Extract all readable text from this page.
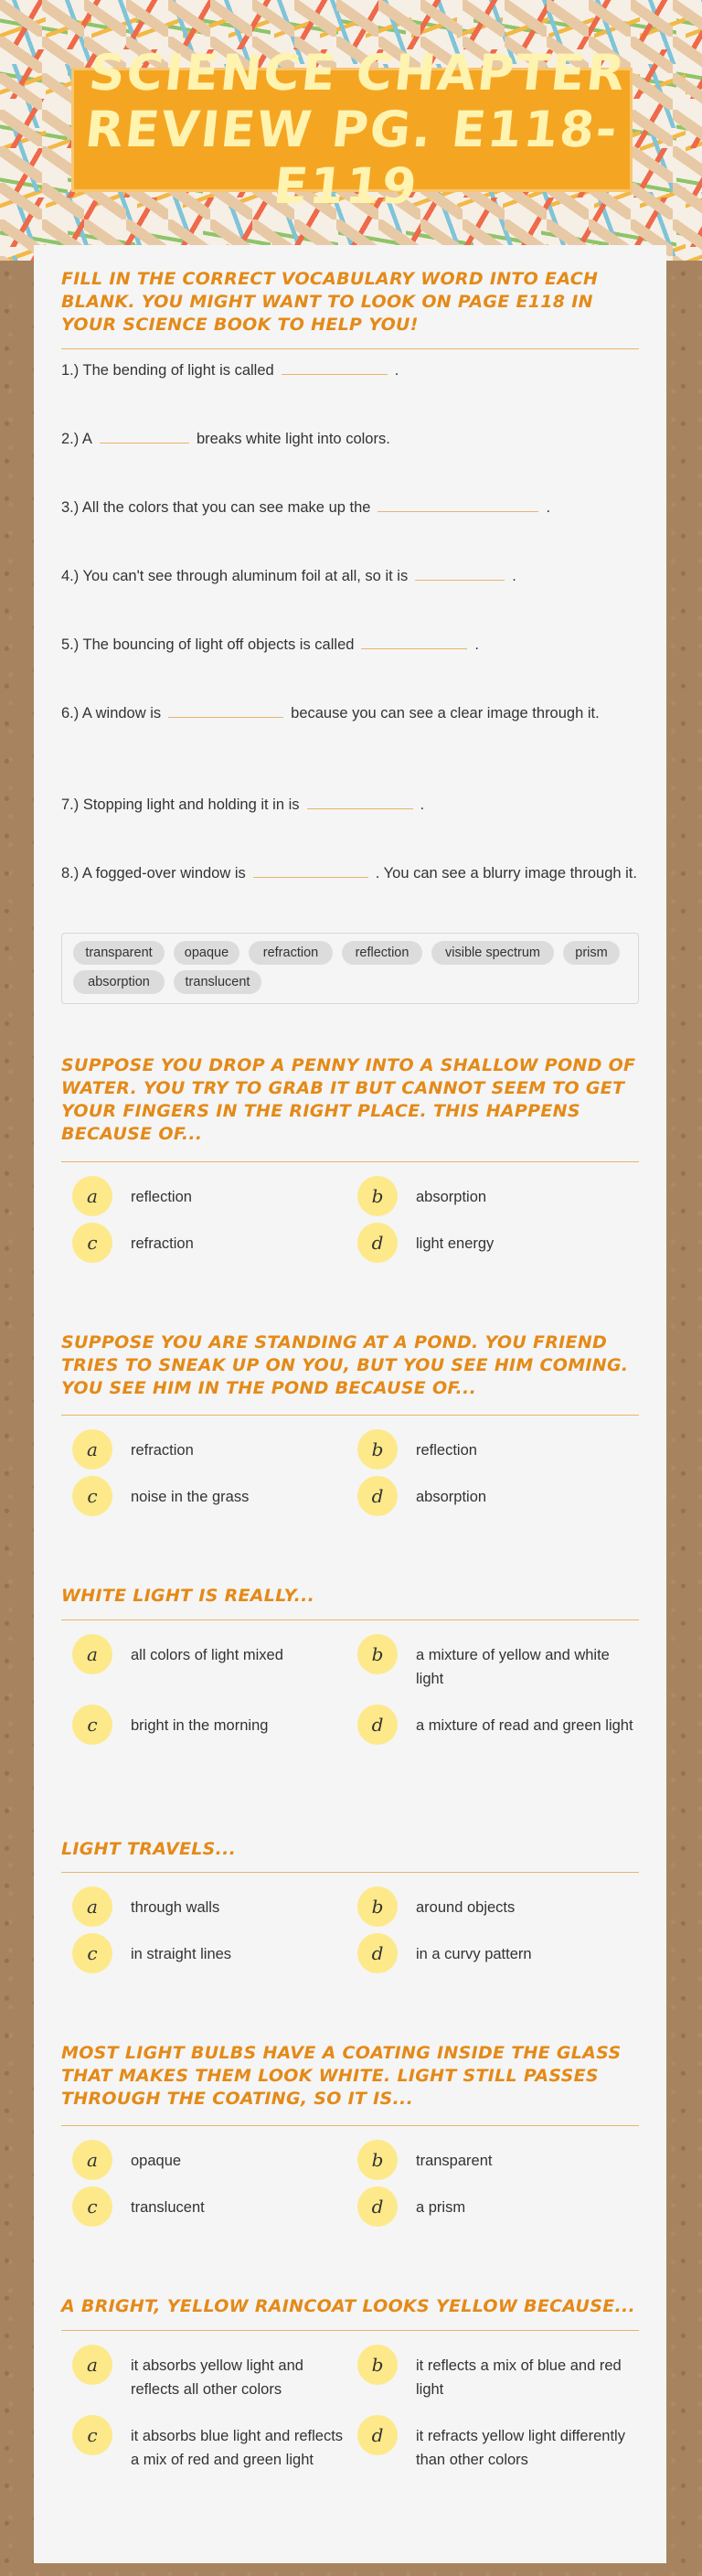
SCIENCE CHAPTER REVIEW PG. E118-E119
FILL IN THE CORRECT VOCABULARY WORD INTO EACH BLANK. YOU MIGHT WANT TO LOOK ON PAGE E118 IN YOUR SCIENCE BOOK TO HELP YOU!
1.) The bending of light is called	.
2.) A	breaks white light into colors.
3.) All the colors that you can see make up the	.
4.) You can't see through aluminum foil at all, so it is	.
5.) The bouncing of light off objects is called	.
6.) A window is	because you can see a clear image through it.
7.) Stopping light and holding it in is	.
8.) A fogged-over window is	. You can see a blurry image through it.
transparent	opaque	refraction	reflection	visible spectrum	prism
absorption	translucent
SUPPOSE YOU DROP A PENNY INTO A SHALLOW POND OF WATER. YOU TRY TO GRAB IT BUT CANNOT SEEM TO GET YOUR FINGERS IN THE RIGHT PLACE. THIS HAPPENS BECAUSE OF...
a	reflection	b	absorption
c	refraction	d	light energy
SUPPOSE YOU ARE STANDING AT A POND. YOU FRIEND TRIES TO SNEAK UP ON YOU, BUT YOU SEE HIM COMING. YOU SEE HIM IN THE POND BECAUSE OF...
a	refraction	b	reflection
c	noise in the grass	d	absorption
WHITE LIGHT IS REALLY...
a	all colors of light mixed	b	a mixture of yellow and white light
c	bright in the morning	d	a mixture of read and green light
LIGHT TRAVELS...
a	through walls	b	around objects
c	in straight lines	d	in a curvy pattern
MOST LIGHT BULBS HAVE A COATING INSIDE THE GLASS THAT MAKES THEM LOOK WHITE. LIGHT STILL PASSES THROUGH THE COATING, SO IT IS...
a	opaque	b	transparent
c	translucent	d	a prism
A BRIGHT, YELLOW RAINCOAT LOOKS YELLOW BECAUSE...
a	it absorbs yellow light and reflects all other colors
b	it reflects a mix of blue and red light
c	it absorbs blue light and reflects a mix of red and green light
d	it refracts yellow light differently than other colors
